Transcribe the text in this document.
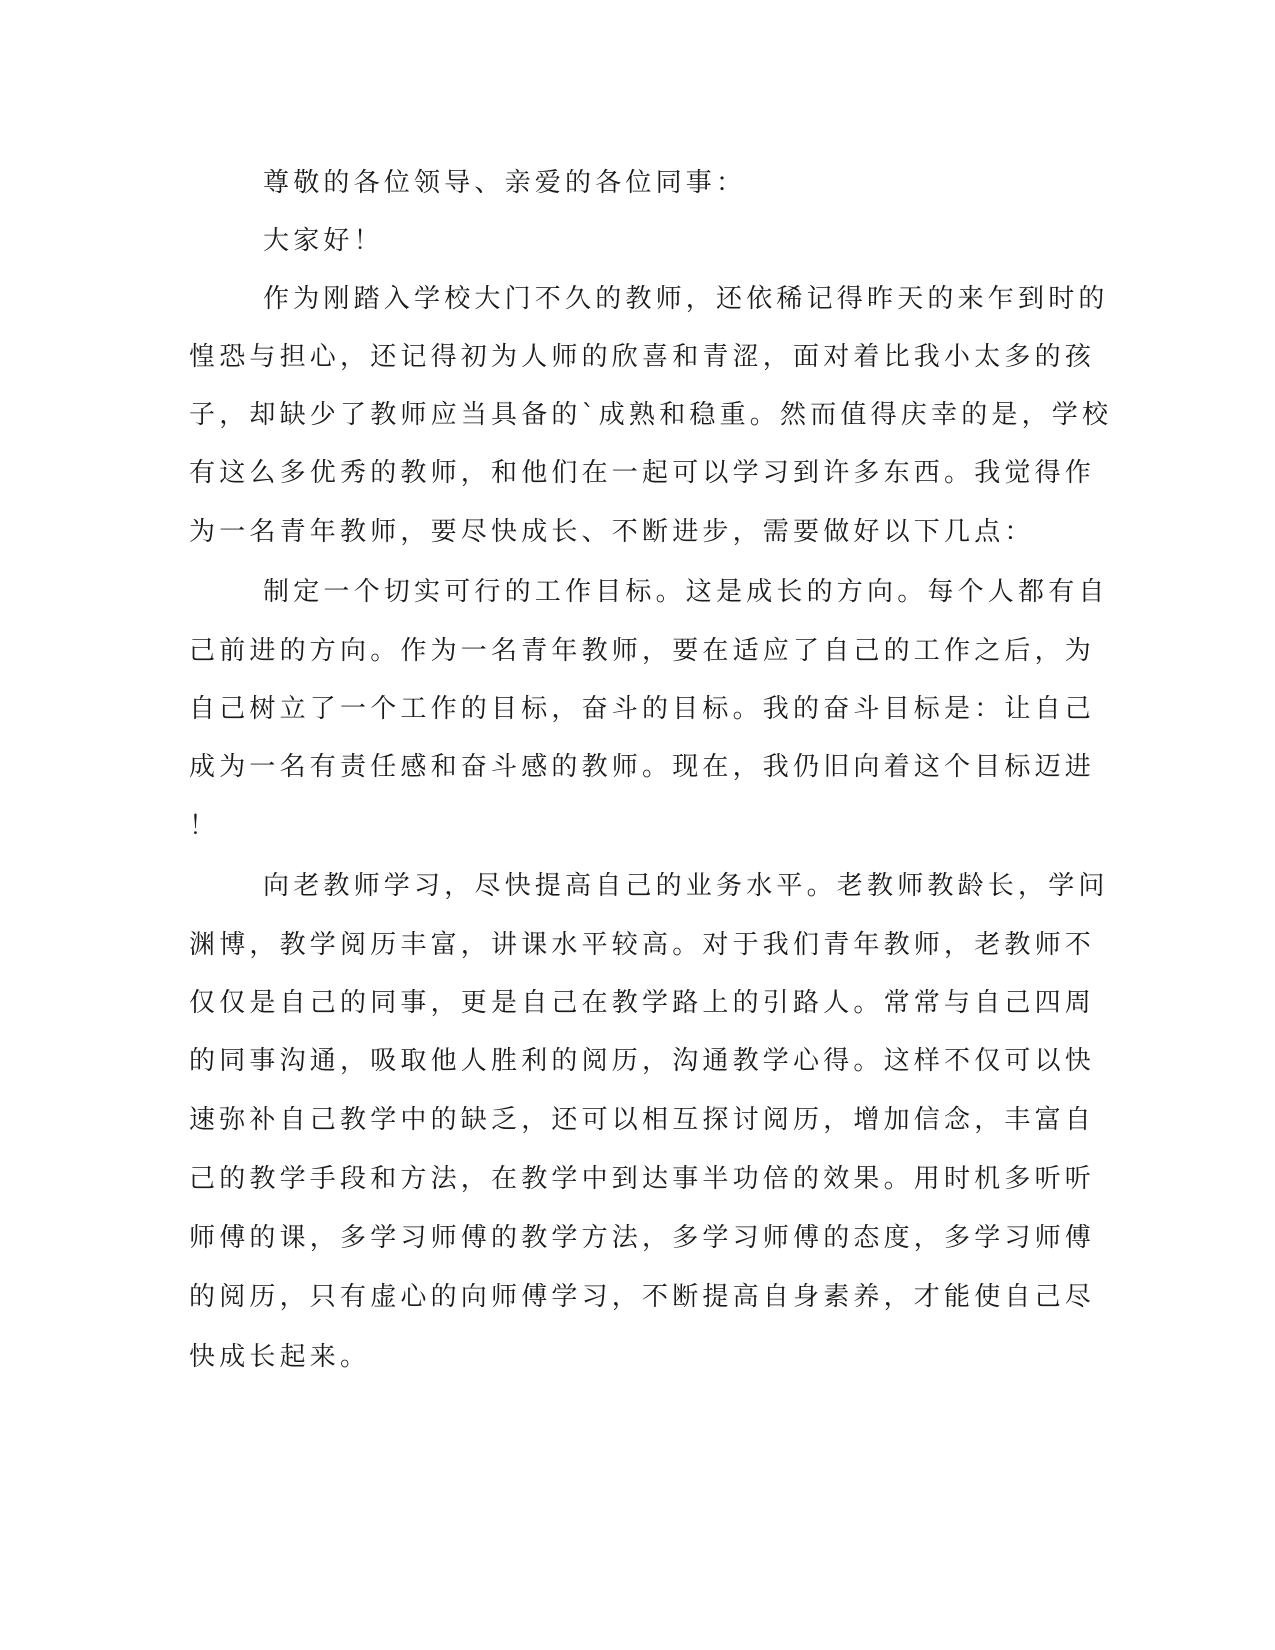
尊敬的各位领导、亲爱的各位同事：
大家好！
作为刚踏入学校大门不久的教师，还依稀记得昨天的来乍到时的
惶恐与担心，还记得初为人师的欣喜和青涩，面对着比我小太多的孩
子，却缺少了教师应当具备的`成熟和稳重。然而值得庆幸的是，学校
有这么多优秀的教师，和他们在一起可以学习到许多东西。我觉得作
为一名青年教师，要尽快成长、不断进步，需要做好以下几点：
制定一个切实可行的工作目标。这是成长的方向。每个人都有自
己前进的方向。作为一名青年教师，要在适应了自己的工作之后，为
自己树立了一个工作的目标，奋斗的目标。我的奋斗目标是：让自己
成为一名有责任感和奋斗感的教师。现在，我仍旧向着这个目标迈进
！
向老教师学习，尽快提高自己的业务水平。老教师教龄长，学问
渊博，教学阅历丰富，讲课水平较高。对于我们青年教师，老教师不
仅仅是自己的同事，更是自己在教学路上的引路人。常常与自己四周
的同事沟通，吸取他人胜利的阅历，沟通教学心得。这样不仅可以快
速弥补自己教学中的缺乏，还可以相互探讨阅历，增加信念，丰富自
己的教学手段和方法，在教学中到达事半功倍的效果。用时机多听听
师傅的课，多学习师傅的教学方法，多学习师傅的态度，多学习师傅
的阅历，只有虚心的向师傅学习，不断提高自身素养，才能使自己尽
快成长起来。
